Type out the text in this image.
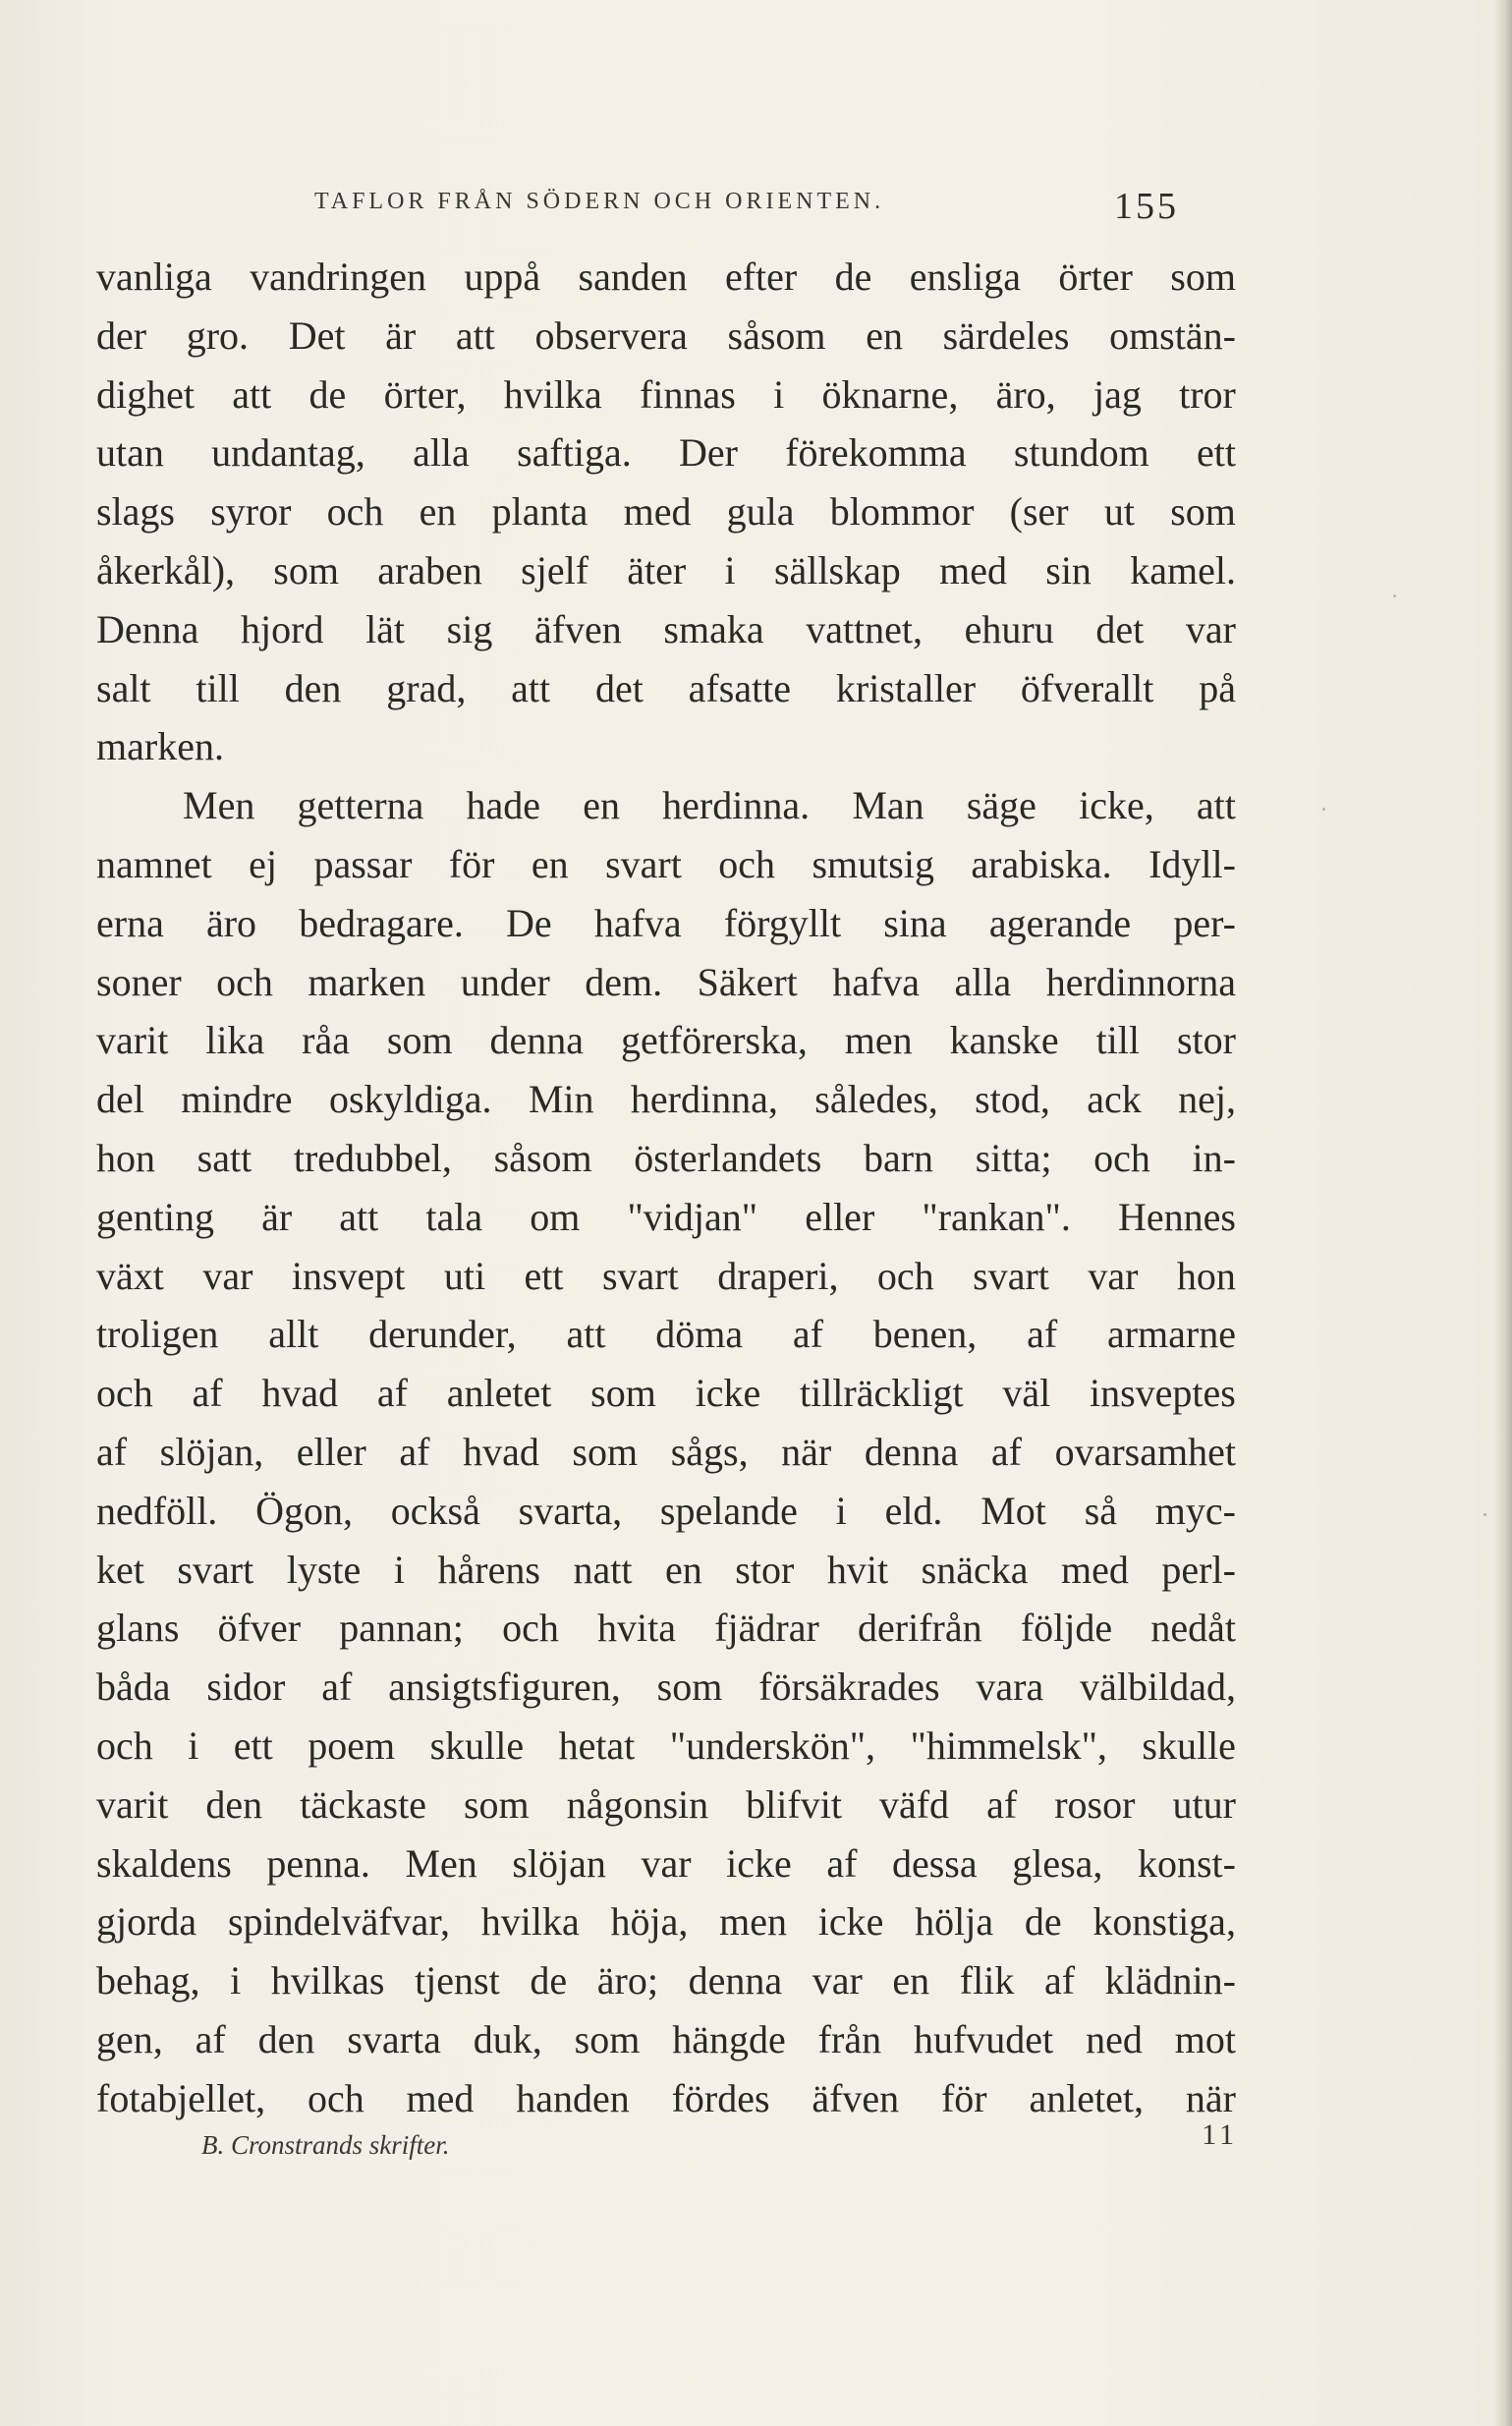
TAFLOR FRÅN SÖDERN OCH ORIENTEN.	155
vanliga vandringen uppå sanden efter de ensliga örter som
der gro. Det är att observera såsom en särdeles omstän-
dighet att de örter, hvilka finnas i öknarne, äro, jag tror
utan undantag, alla saftiga. Der förekomma stundom ett
slags syror och en planta med gula blommor (ser ut som
åkerkål), som araben sjelf äter i sällskap med sin kamel.
Denna hjord lät sig äfven smaka vattnet, ehuru det var
salt till den grad, att det afsatte kristaller öfverallt på
marken.
Men getterna hade en herdinna. Man säge icke, att
namnet ej passar för en svart och smutsig arabiska. Idyll-
erna äro bedragare. De hafva förgyllt sina agerande per-
soner och marken under dem. Säkert hafva alla herdinnorna
varit lika råa som denna getförerska, men kanske till stor
del mindre oskyldiga. Min herdinna, således, stod, ack nej,
hon satt tredubbel, såsom österlandets barn sitta; och in-
genting är att tala om "vidjan" eller "rankan". Hennes
växt var insvept uti ett svart draperi, och svart var hon
troligen allt derunder, att döma af benen, af armarne
och af hvad af anletet som icke tillräckligt väl insveptes
af slöjan, eller af hvad som sågs, när denna af ovarsamhet
nedföll. Ögon, också svarta, spelande i eld. Mot så myc-
ket svart lyste i hårens natt en stor hvit snäcka med perl-
glans öfver pannan; och hvita fjädrar derifrån följde nedåt
båda sidor af ansigtsfiguren, som försäkrades vara välbildad,
och i ett poem skulle hetat "underskön", "himmelsk", skulle
varit den täckaste som någonsin blifvit väfd af rosor utur
skaldens penna. Men slöjan var icke af dessa glesa, konst-
gjorda spindelväfvar, hvilka höja, men icke hölja de konstiga,
behag, i hvilkas tjenst de äro; denna var en flik af klädnin-
gen, af den svarta duk, som hängde från hufvudet ned mot
fotabjellet, och med handen fördes äfven för anletet, när
B. Cronstrands skrifter.	11
